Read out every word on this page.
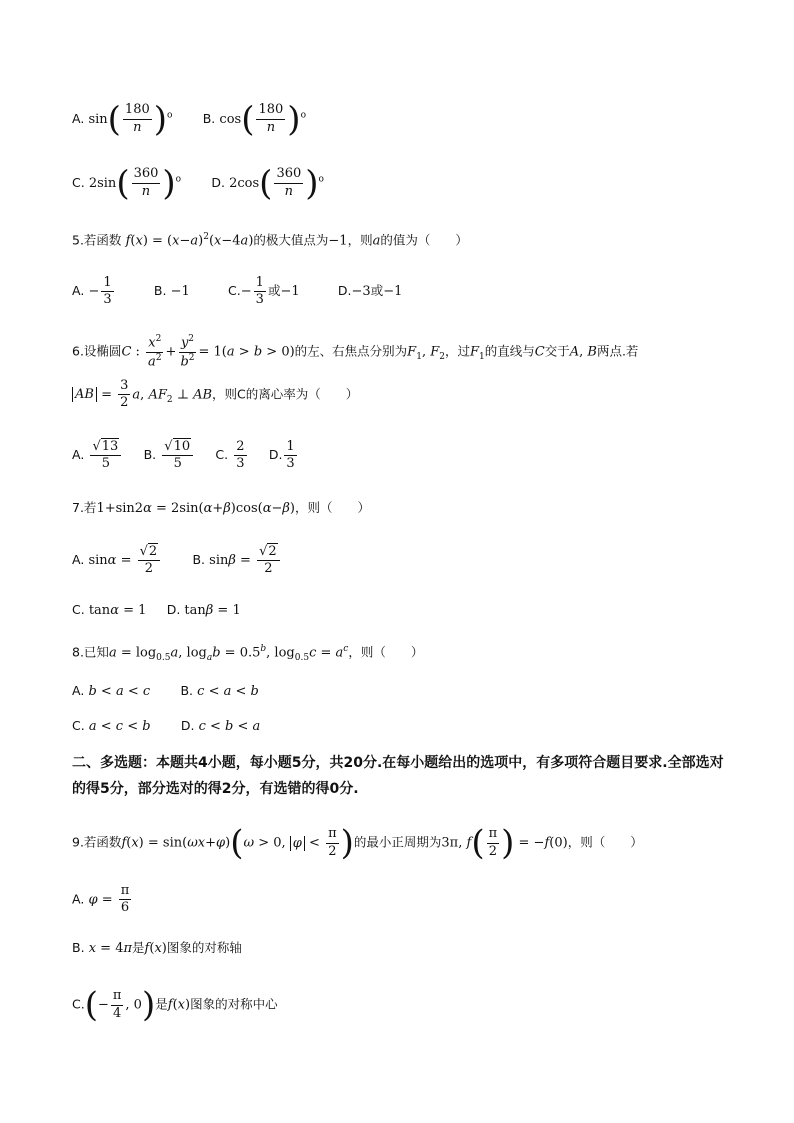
A. $\sin( \frac{180}{n} )^o$ B. $\cos( \frac{180}{n} )^o$
C. $2\sin( \frac{360}{n} )^o$ D. $2\cos( \frac{360}{n} )^o$
5.若函数 $f(x) = (x-a)^2(x-4a)$的极大值点为−1，则a的值为（　　）
A. − $\frac{1}{3}$	B. −1	$C.- \frac{1}{3}$ 或−1	D.−3或−1
6.设椭圆C : $\frac{x^2}{a^2} + \frac{y^2}{b^2} = 1(a > b > 0)$的左、右焦点分别为$F_1$, $F_2$，过$F_1$的直线与C交于A, B两点.若
AB = $\frac{3}{2} a$, $AF_2$ ⊥ AB，则C的离心率为（　　）
A. $\frac{√13}{5} B$. $\frac{√10}{5} C$. $\frac{2}{3} D$. $\frac{1}{3}$
7.若1+sin2α = 2sin(α+β)cos(α−β)，则（　　）
A. $\sin\alpha = \frac{√2}{2}$	B. $\sin\beta = \frac{√2}{2}$
C. tanα = 1 D. tanβ = 1
8.已知$a = \log_{0.5}a$, $\log_ab = 0.5^b$, $\log_{0.5}c = a^c$，则（　　）
A. b < a < c B. c < a < b
C. a < c < b D. c < b < a
二、多选题：本题共4小题，每小题5分，共20分.在每小题给出的选项中，有多项符合题目要求.全部选对的得5分，部分选对的得2分，有选错的得0分.
9.若函数f(x) = sin(ωx+φ)(ω > 0, $\varphi < \frac{\pi}{2}$ )的最小正周期为3π, $f( \frac{\pi}{2}$ ) = −f(0)，则（　　）
A. $\varphi = \frac{\pi}{6}$
B. x = 4π是f(x)图象的对称轴
$C.(- \frac{\pi}{4}$ , 0)是f(x)图象的对称中心
